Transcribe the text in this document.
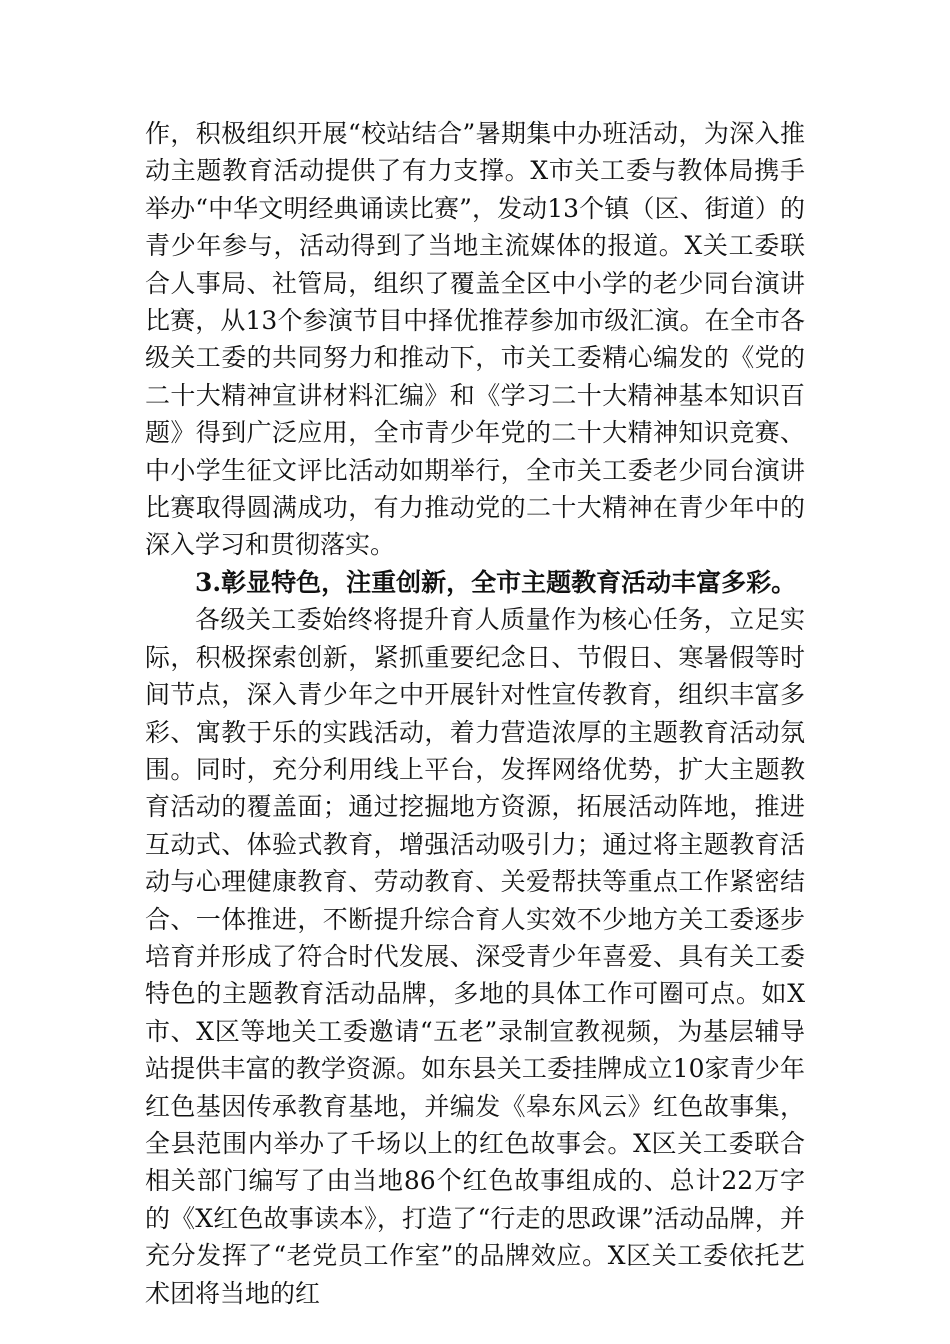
作，积极组织开展“校站结合”暑期集中办班活动，为深入推动主题教育活动提供了有力支撑。X市关工委与教体局携手举办“中华文明经典诵读比赛”，发动13个镇（区、街道）的青少年参与，活动得到了当地主流媒体的报道。X关工委联合人事局、社管局，组织了覆盖全区中小学的老少同台演讲比赛，从13个参演节目中择优推荐参加市级汇演。在全市各级关工委的共同努力和推动下，市关工委精心编发的《党的二十大精神宣讲材料汇编》和《学习二十大精神基本知识百题》得到广泛应用，全市青少年党的二十大精神知识竞赛、中小学生征文评比活动如期举行，全市关工委老少同台演讲比赛取得圆满成功，有力推动党的二十大精神在青少年中的深入学习和贯彻落实。

3.彰显特色，注重创新，全市主题教育活动丰富多彩。

各级关工委始终将提升育人质量作为核心任务，立足实际，积极探索创新，紧抓重要纪念日、节假日、寒暑假等时间节点，深入青少年之中开展针对性宣传教育，组织丰富多彩、寓教于乐的实践活动，着力营造浓厚的主题教育活动氛围。同时，充分利用线上平台，发挥网络优势，扩大主题教育活动的覆盖面；通过挖掘地方资源，拓展活动阵地，推进互动式、体验式教育，增强活动吸引力；通过将主题教育活动与心理健康教育、劳动教育、关爱帮扶等重点工作紧密结合、一体推进，不断提升综合育人实效不少地方关工委逐步培育并形成了符合时代发展、深受青少年喜爱、具有关工委特色的主题教育活动品牌，多地的具体工作可圈可点。如X市、X区等地关工委邀请“五老”录制宣教视频，为基层辅导站提供丰富的教学资源。如东县关工委挂牌成立10家青少年红色基因传承教育基地，并编发《皋东风云》红色故事集，全县范围内举办了千场以上的红色故事会。X区关工委联合相关部门编写了由当地86个红色故事组成的、总计22万字的《X红色故事读本》，打造了“行走的思政课”活动品牌，并充分发挥了“老党员工作室”的品牌效应。X区关工委依托艺术团将当地的红
